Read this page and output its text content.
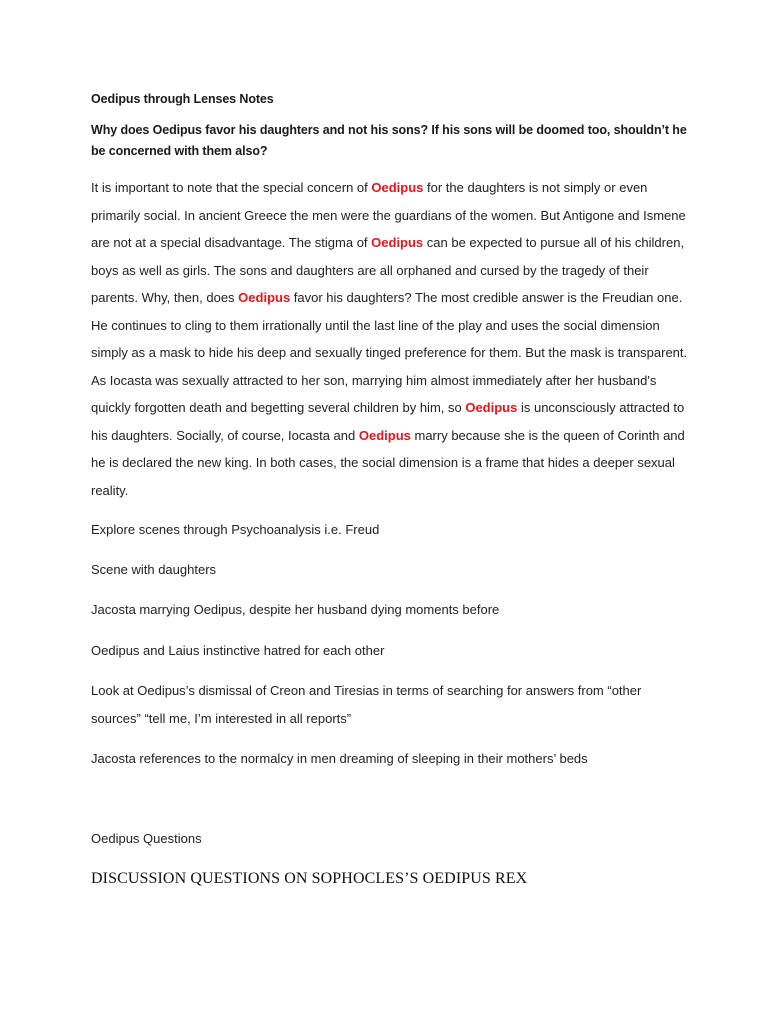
Oedipus through Lenses Notes
Why does Oedipus favor his daughters and not his sons? If his sons will be doomed too, shouldn’t he be concerned with them also?

It is important to note that the special concern of Oedipus for the daughters is not simply or even primarily social. In ancient Greece the men were the guardians of the women. But Antigone and Ismene are not at a special disadvantage. The stigma of Oedipus can be expected to pursue all of his children, boys as well as girls. The sons and daughters are all orphaned and cursed by the tragedy of their parents. Why, then, does Oedipus favor his daughters? The most credible answer is the Freudian one. He continues to cling to them irrationally until the last line of the play and uses the social dimension simply as a mask to hide his deep and sexually tinged preference for them. But the mask is transparent. As Iocasta was sexually attracted to her son, marrying him almost immediately after her husband's quickly forgotten death and begetting several children by him, so Oedipus is unconsciously attracted to his daughters. Socially, of course, Iocasta and Oedipus marry because she is the queen of Corinth and he is declared the new king. In both cases, the social dimension is a frame that hides a deeper sexual reality.

Explore scenes through Psychoanalysis i.e. Freud
Scene with daughters
Jacosta marrying Oedipus, despite her husband dying moments before
Oedipus and Laius instinctive hatred for each other
Look at Oedipus’s dismissal of Creon and Tiresias in terms of searching for answers from “other sources” “tell me, I’m interested in all reports”
Jacosta references to the normalcy in men dreaming of sleeping in their mothers’ beds
Oedipus Questions
DISCUSSION QUESTIONS ON SOPHOCLES’S OEDIPUS REX
